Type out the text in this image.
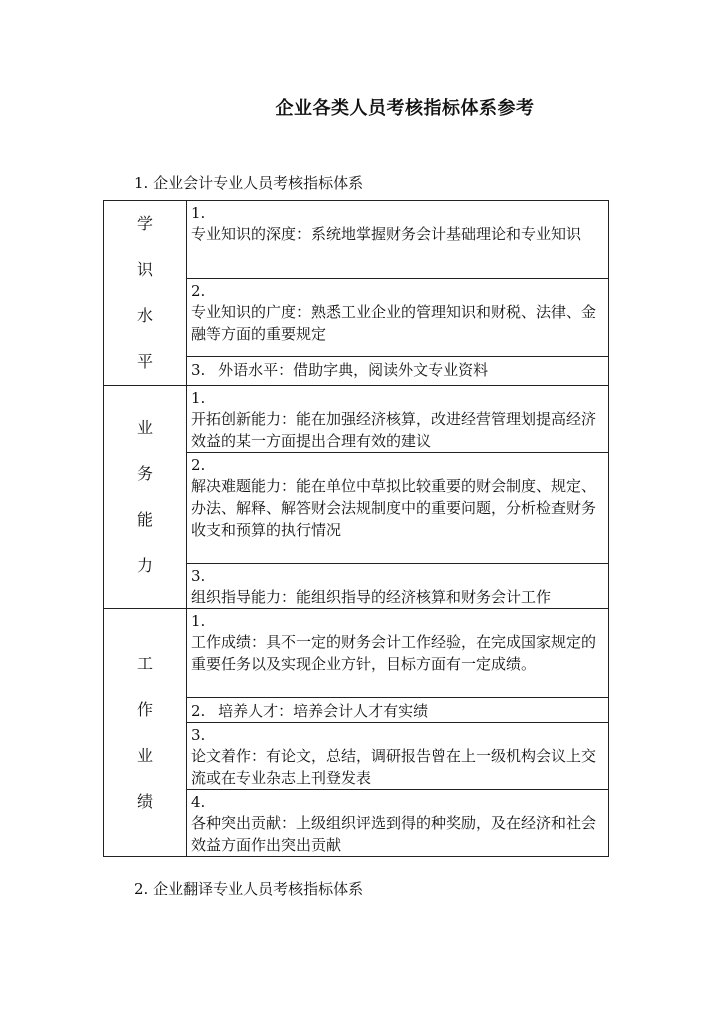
企业各类人员考核指标体系参考
1. 企业会计专业人员考核指标体系
学识
水平	1.
专业知识的深度：系统地掌握财务会计基础理论和专业知识

	2.
专业知识的广度：熟悉工业企业的管理知识和财税、法律、金融等方面的重要规定

	3. 外语水平：借助字典，阅读外文专业资料

业务
能力	1.
开拓创新能力：能在加强经济核算，改进经营管理划提高经济效益的某一方面提出合理有效的建议

	2.
解决难题能力：能在单位中草拟比较重要的财会制度、规定、
办法、解释、解答财会法规制度中的重要问题，分析检查财务收支和预算的执行情况

	3.
组织指导能力：能组织指导的经济核算和财务会计工作

工作
业绩	1.
工作成绩：具不一定的财务会计工作经验，在完成国家规定的重要任务以及实现企业方针，目标方面有一定成绩。

	2. 培养人才：培养会计人才有实绩

	3.
论文着作：有论文，总结，调研报告曾在上一级机构会议上交流或在专业杂志上刊登发表

	4.
各种突出贡献：上级组织评选到得的种奖励，及在经济和社会效益方面作出突出贡献
2. 企业翻译专业人员考核指标体系
